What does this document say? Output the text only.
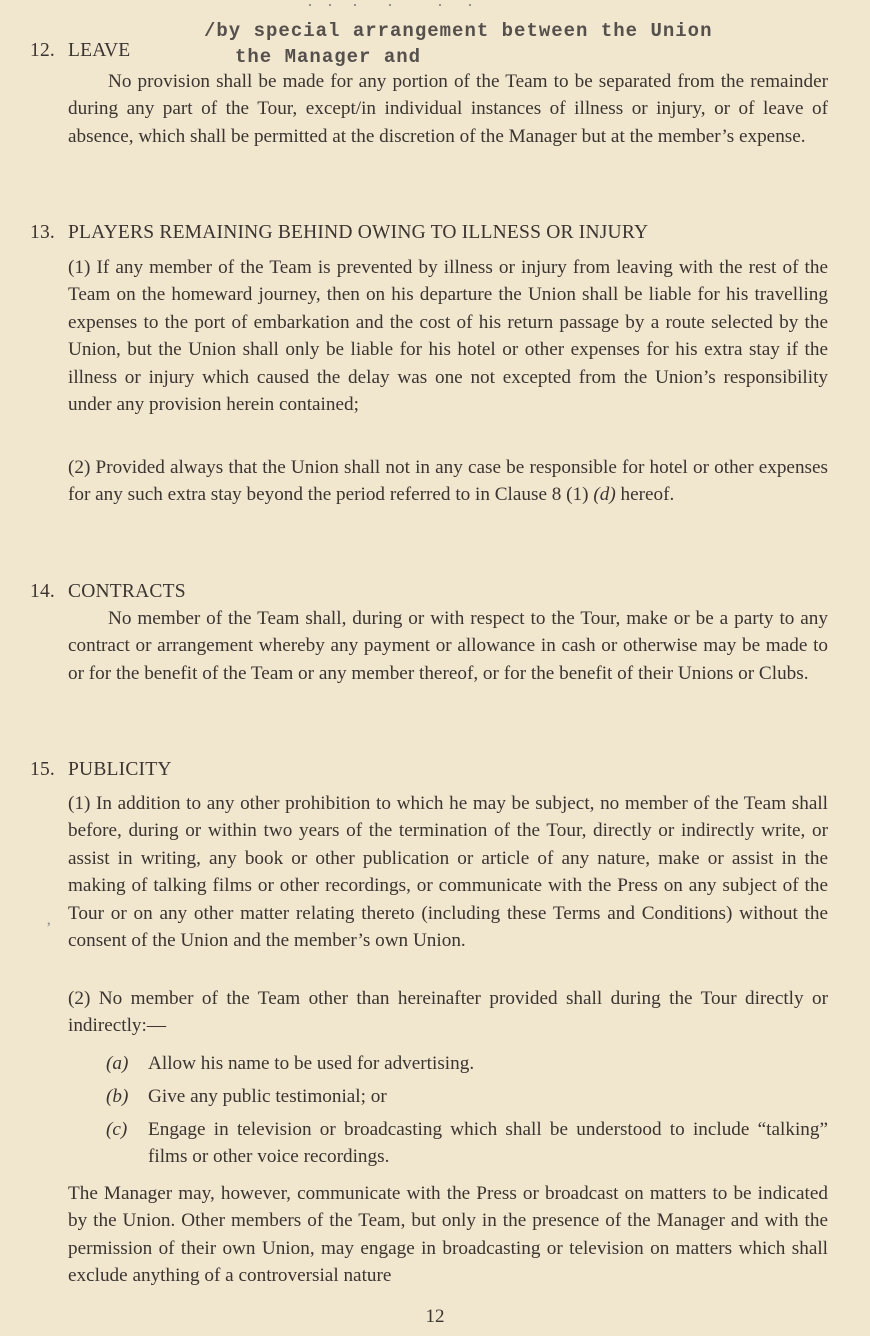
/by special arrangement between the Union
the Manager and
12. LEAVE
No provision shall be made for any portion of the Team to be separated from the remainder during any part of the Tour, except/in individual instances of illness or injury, or of leave of absence, which shall be permitted at the discretion of the Manager but at the member’s expense.
13. PLAYERS REMAINING BEHIND OWING TO ILLNESS OR INJURY
(1) If any member of the Team is prevented by illness or injury from leaving with the rest of the Team on the homeward journey, then on his departure the Union shall be liable for his travelling expenses to the port of embarkation and the cost of his return passage by a route selected by the Union, but the Union shall only be liable for his hotel or other expenses for his extra stay if the illness or injury which caused the delay was one not excepted from the Union’s responsibility under any provision herein contained;
(2) Provided always that the Union shall not in any case be responsible for hotel or other expenses for any such extra stay beyond the period referred to in Clause 8 (1) (d) hereof.
14. CONTRACTS
No member of the Team shall, during or with respect to the Tour, make or be a party to any contract or arrangement whereby any payment or allowance in cash or otherwise may be made to or for the benefit of the Team or any member thereof, or for the benefit of their Unions or Clubs.
15. PUBLICITY
(1) In addition to any other prohibition to which he may be subject, no member of the Team shall before, during or within two years of the termination of the Tour, directly or indirectly write, or assist in writing, any book or other publication or article of any nature, make or assist in the making of talking films or other recordings, or communicate with the Press on any subject of the Tour or on any other matter relating thereto (including these Terms and Conditions) without the consent of the Union and the member’s own Union.
(2) No member of the Team other than hereinafter provided shall during the Tour directly or indirectly:—
(a) Allow his name to be used for advertising.
(b) Give any public testimonial; or
(c) Engage in television or broadcasting which shall be understood to include “talking” films or other voice recordings.
The Manager may, however, communicate with the Press or broadcast on matters to be indicated by the Union. Other members of the Team, but only in the presence of the Manager and with the permission of their own Union, may engage in broadcasting or television on matters which shall exclude anything of a controversial nature
’
12
